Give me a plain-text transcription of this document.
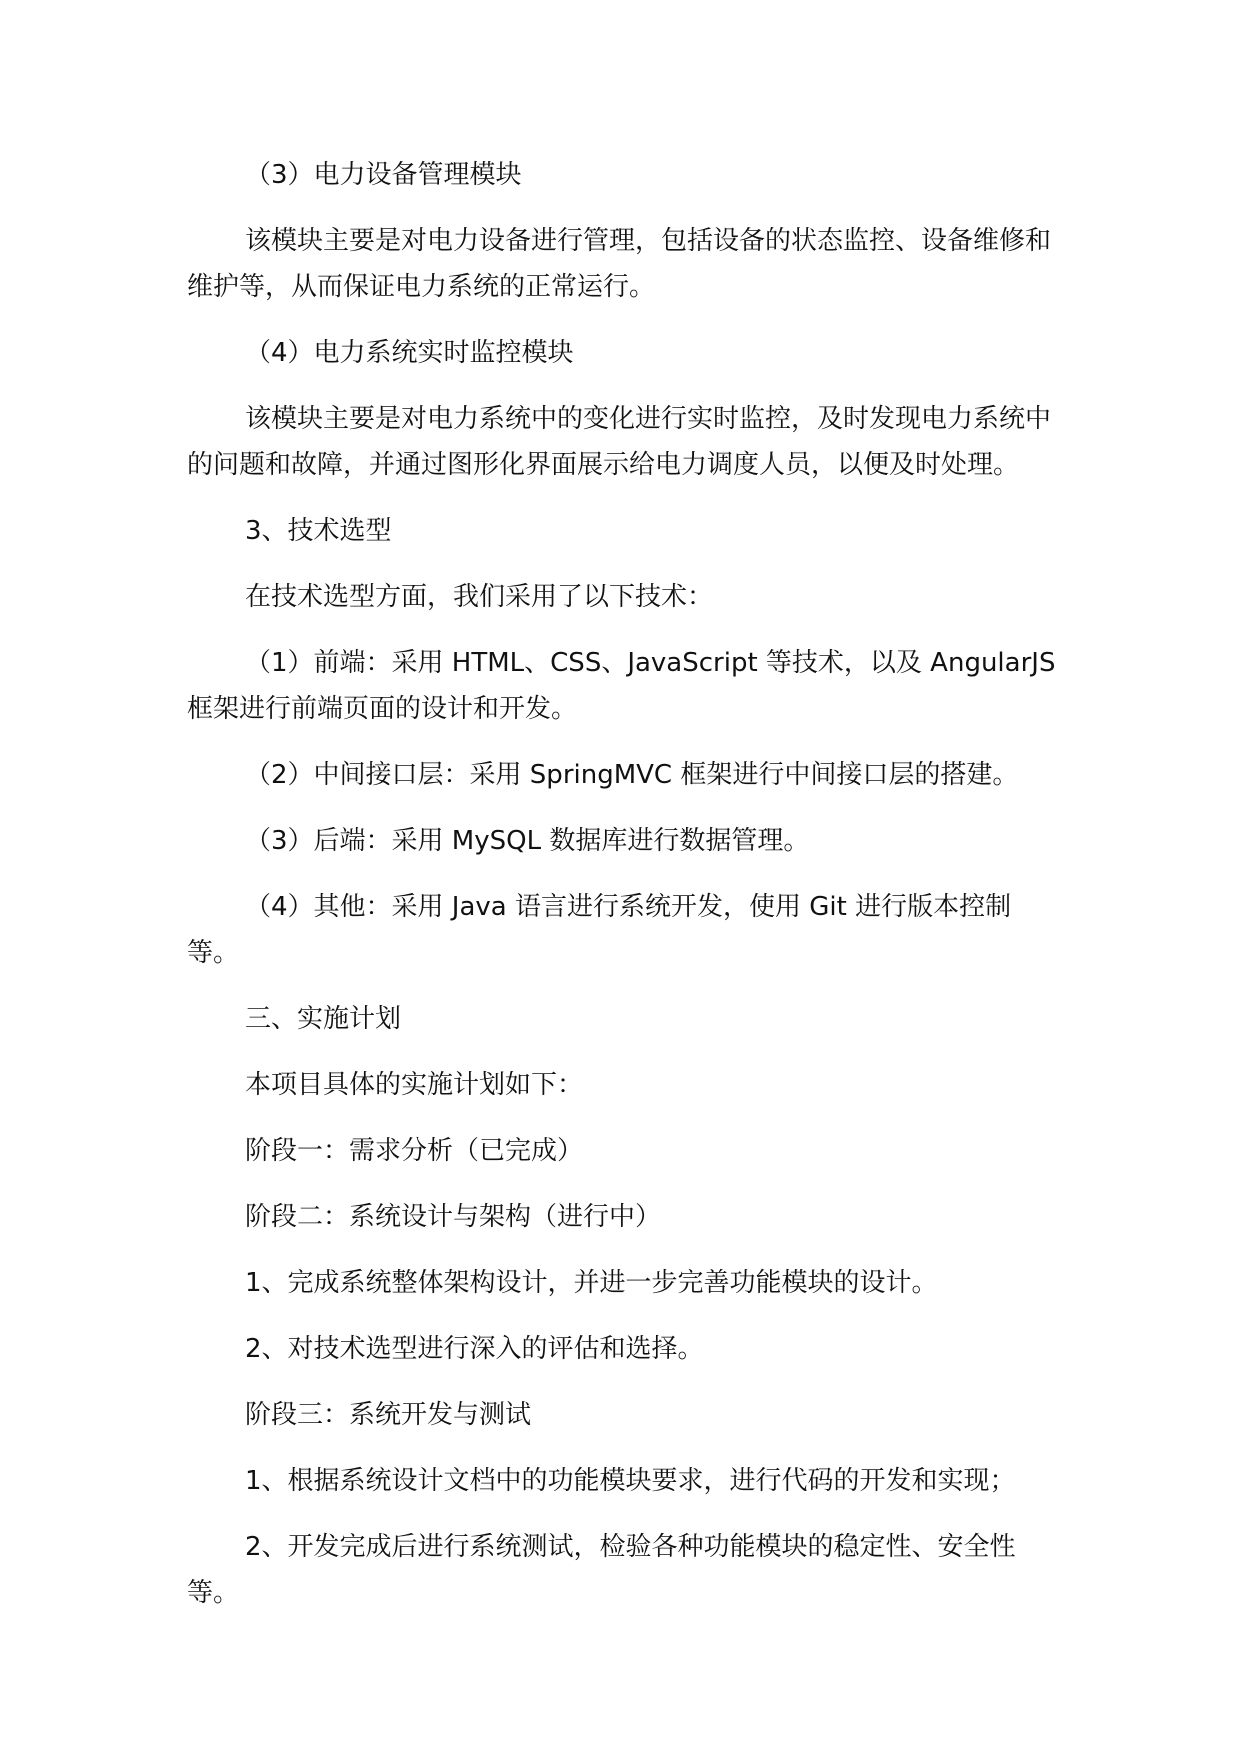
（3）电力设备管理模块

该模块主要是对电力设备进行管理，包括设备的状态监控、设备维修和维护等，从而保证电力系统的正常运行。

（4）电力系统实时监控模块

该模块主要是对电力系统中的变化进行实时监控，及时发现电力系统中的问题和故障，并通过图形化界面展示给电力调度人员，以便及时处理。

3、技术选型

在技术选型方面，我们采用了以下技术：

（1）前端：采用 HTML、CSS、JavaScript 等技术，以及 AngularJS 框架进行前端页面的设计和开发。

（2）中间接口层：采用 SpringMVC 框架进行中间接口层的搭建。

（3）后端：采用 MySQL 数据库进行数据管理。

（4）其他：采用 Java 语言进行系统开发，使用 Git 进行版本控制等。

三、实施计划

本项目具体的实施计划如下：

阶段一：需求分析（已完成）

阶段二：系统设计与架构（进行中）

1、完成系统整体架构设计，并进一步完善功能模块的设计。

2、对技术选型进行深入的评估和选择。

阶段三：系统开发与测试

1、根据系统设计文档中的功能模块要求，进行代码的开发和实现；

2、开发完成后进行系统测试，检验各种功能模块的稳定性、安全性等。
